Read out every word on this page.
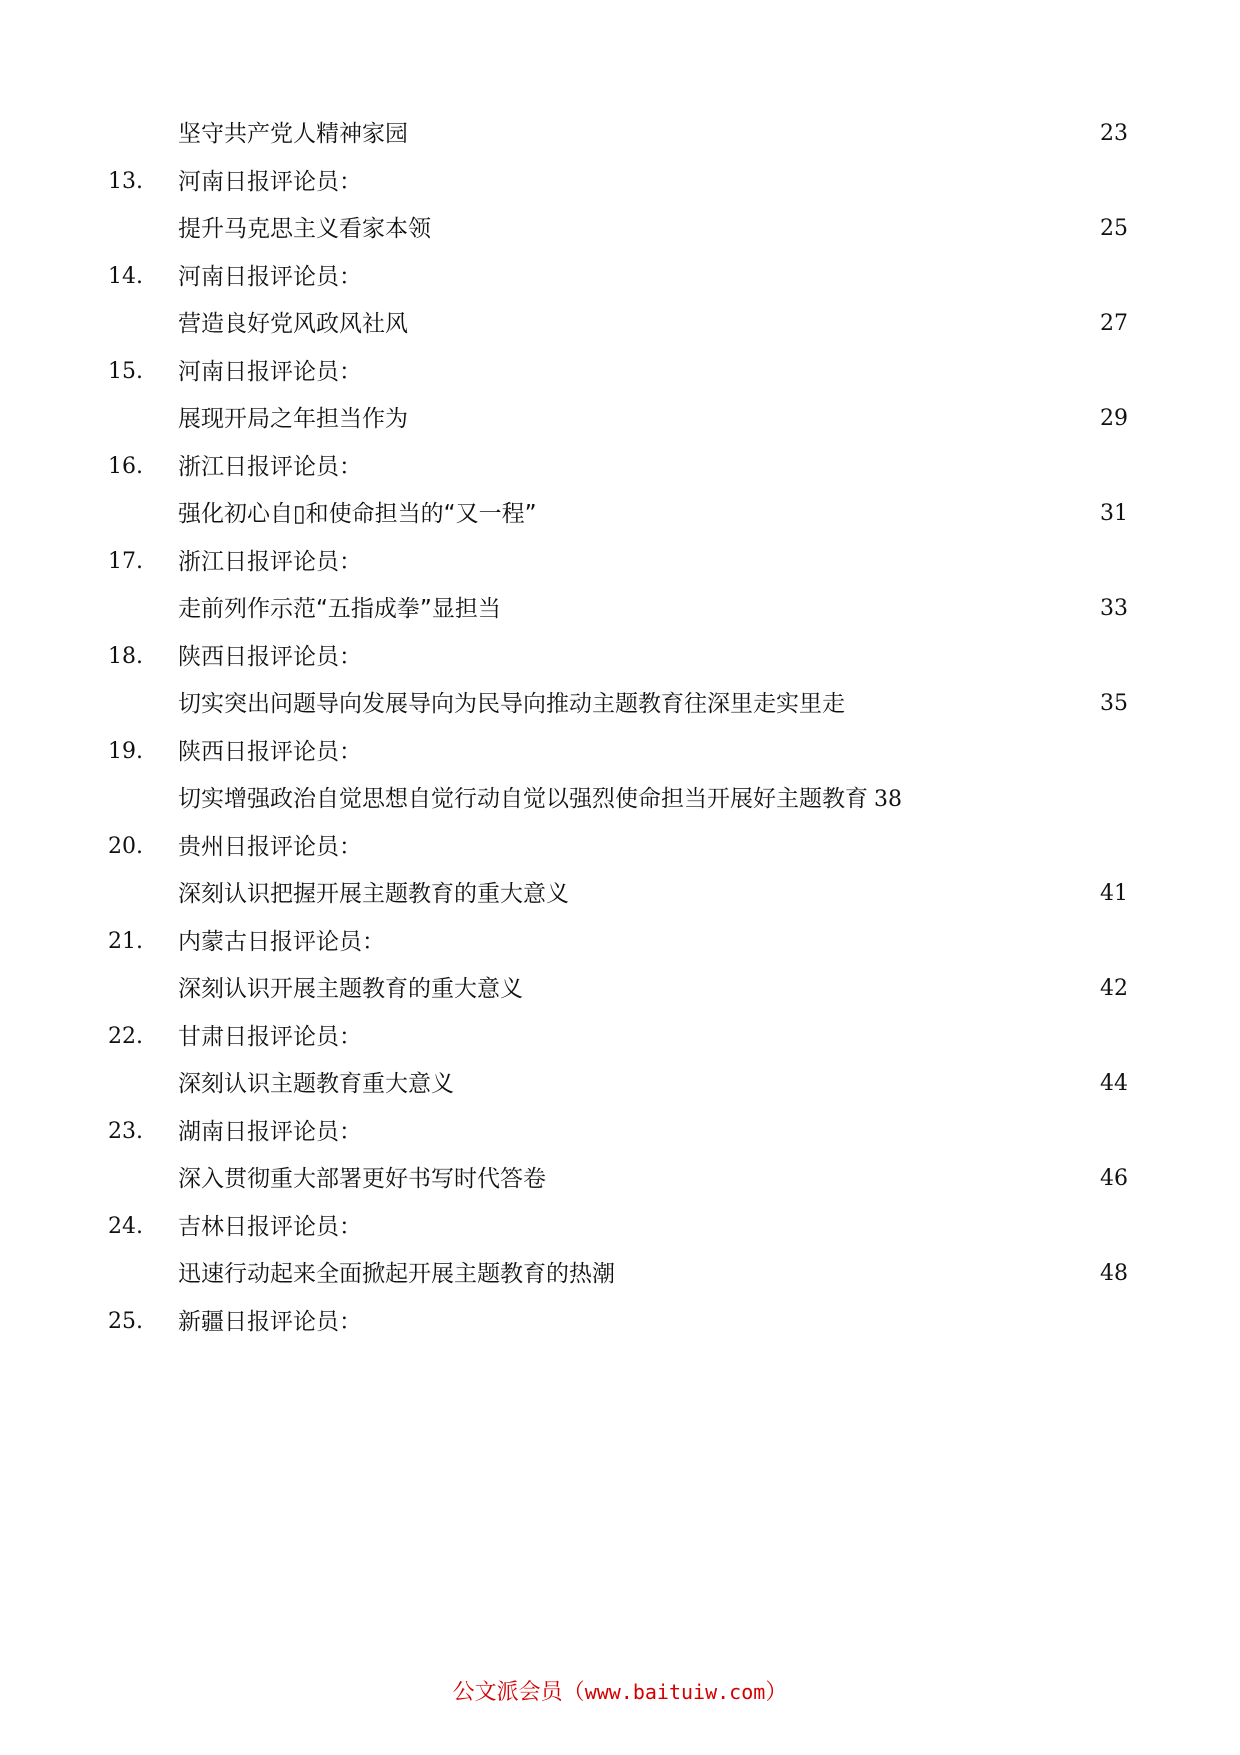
坚守共产党人精神家园	23
13.	河南日报评论员：
提升马克思主义看家本领	25
14.	河南日报评论员：
营造良好党风政风社风	27
15.	河南日报评论员：
展现开局之年担当作为	29
16.	浙江日报评论员：
强化初心自▯和使命担当的“又一程”	31
17.	浙江日报评论员：
走前列作示范“五指成拳”显担当	33
18.	陕西日报评论员：
切实突出问题导向发展导向为民导向推动主题教育往深里走实里走	35
19.	陕西日报评论员：
切实增强政治自觉思想自觉行动自觉以强烈使命担当开展好主题教育 38
20.	贵州日报评论员：
深刻认识把握开展主题教育的重大意义	41
21.	内蒙古日报评论员：
深刻认识开展主题教育的重大意义	42
22.	甘肃日报评论员：
深刻认识主题教育重大意义	44
23.	湖南日报评论员：
深入贯彻重大部署更好书写时代答卷	46
24.	吉林日报评论员：
迅速行动起来全面掀起开展主题教育的热潮	48
25.	新疆日报评论员：
公文派会员（www.baituiw.com）
